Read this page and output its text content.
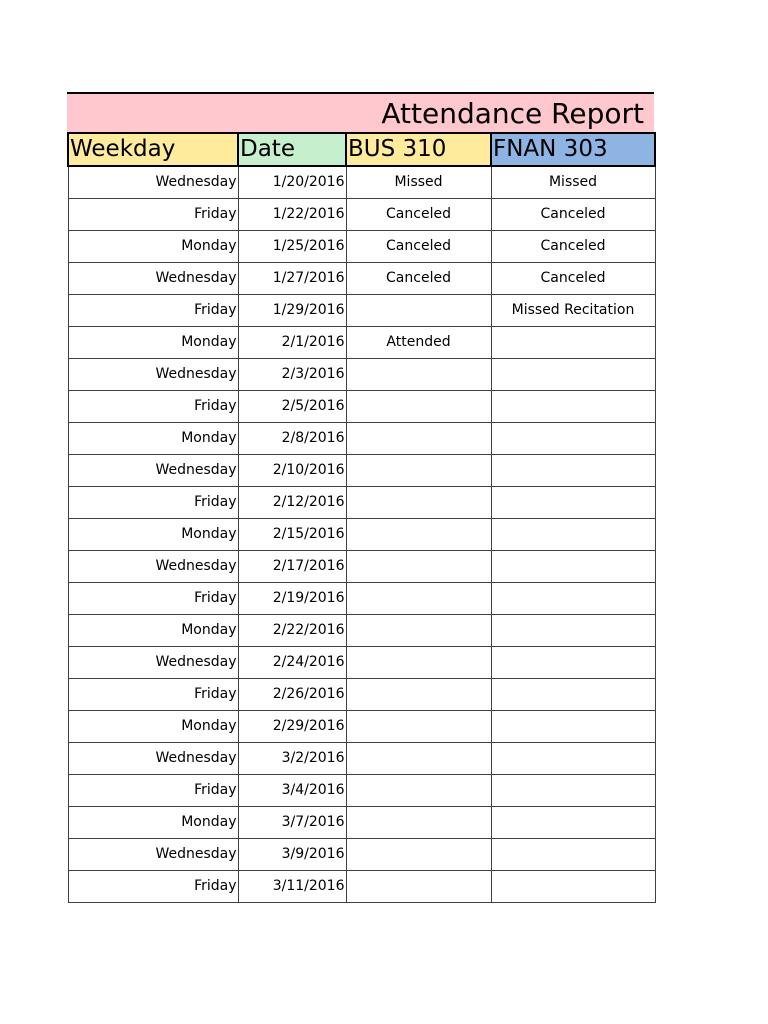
Attendance Report
Weekday	Date	BUS 310	FNAN 303
Wednesday	1/20/2016	Missed	Missed
Friday	1/22/2016	Canceled	Canceled
Monday	1/25/2016	Canceled	Canceled
Wednesday	1/27/2016	Canceled	Canceled
Friday	1/29/2016		Missed Recitation
Monday	2/1/2016	Attended	
Wednesday	2/3/2016		
Friday	2/5/2016		
Monday	2/8/2016		
Wednesday	2/10/2016		
Friday	2/12/2016		
Monday	2/15/2016		
Wednesday	2/17/2016		
Friday	2/19/2016		
Monday	2/22/2016		
Wednesday	2/24/2016		
Friday	2/26/2016		
Monday	2/29/2016		
Wednesday	3/2/2016		
Friday	3/4/2016		
Monday	3/7/2016		
Wednesday	3/9/2016		
Friday	3/11/2016		
